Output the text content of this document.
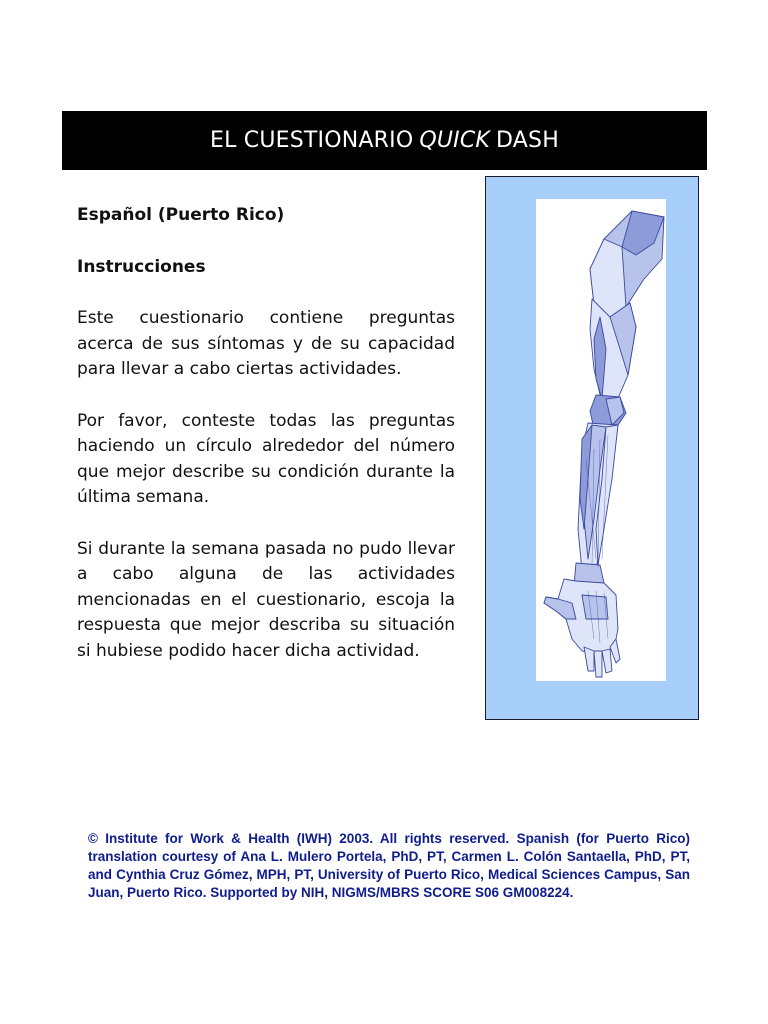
EL CUESTIONARIO QUICK DASH

Español (Puerto Rico)

Instrucciones

Este cuestionario contiene preguntas acerca de sus síntomas y de su capacidad para llevar a cabo ciertas actividades.

Por favor, conteste todas las preguntas haciendo un círculo alrededor del número que mejor describe su condición durante la última semana.

Si durante la semana pasada no pudo llevar a cabo alguna de las actividades mencionadas en el cuestionario, escoja la respuesta que mejor describa su situación si hubiese podido hacer dicha actividad.

© Institute for Work & Health (IWH) 2003. All rights reserved. Spanish (for Puerto Rico) translation courtesy of Ana L. Mulero Portela, PhD, PT, Carmen L. Colón Santaella, PhD, PT, and Cynthia Cruz Gómez, MPH, PT, University of Puerto Rico, Medical Sciences Campus, San Juan, Puerto Rico. Supported by NIH, NIGMS/MBRS SCORE S06 GM008224.
